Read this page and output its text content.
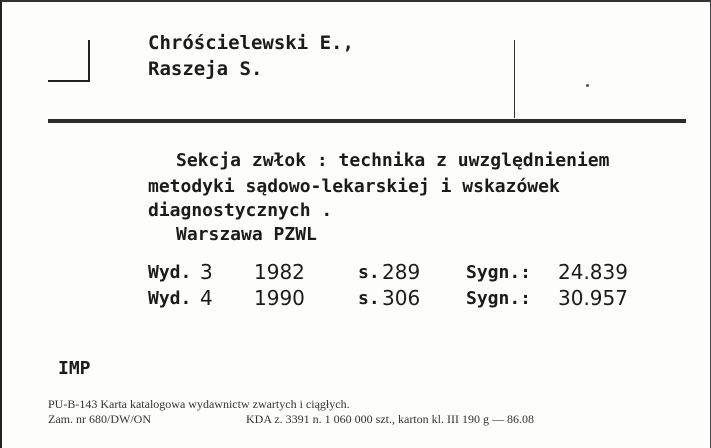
Chróścielewski E.,
Raszeja S.
Sekcja zwłok : technika z uwzględnieniem
metodyki sądowo-lekarskiej i wskazówek
diagnostycznych .
Warszawa PZWL
Wyd. 3 1982	s. 289	Sygn.: 24.839
Wyd. 4 1990	s. 306	Sygn.: 30.957
IMP
PU-B-143 Karta katalogowa wydawnictw zwartych i ciągłych.
Zam. nr 680/DW/ON	KDA z. 3391 n. 1 060 000 szt., karton kl. III 190 g — 86.08
